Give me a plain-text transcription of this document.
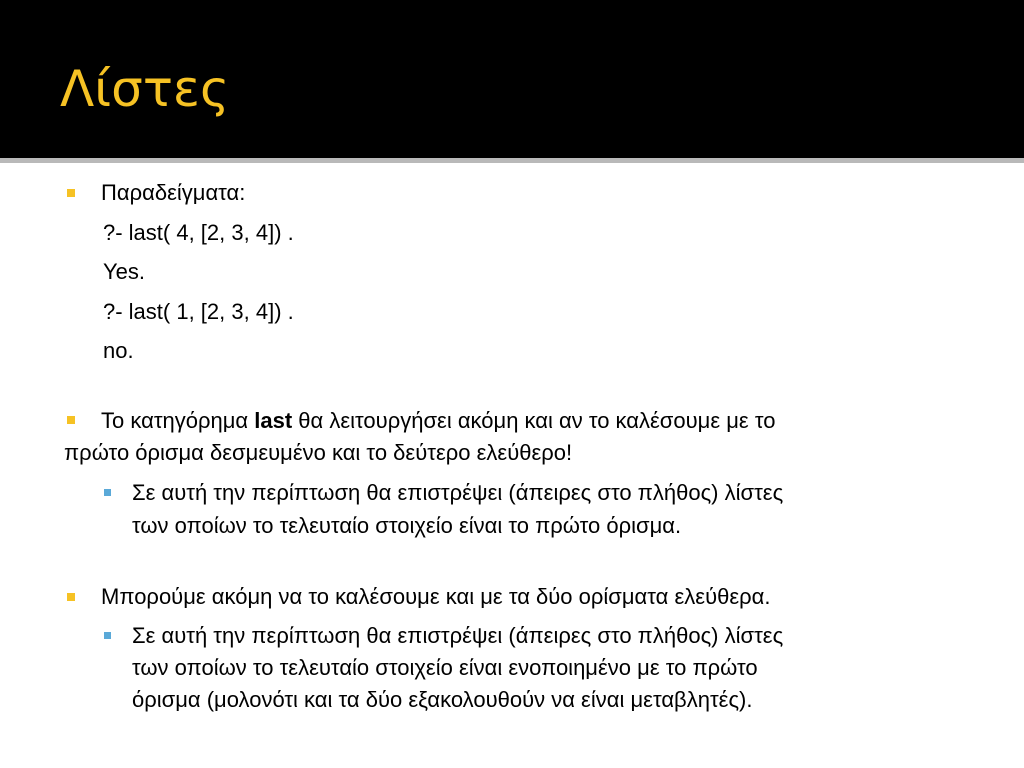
Λίστες
Παραδείγματα:
?- last( 4, [2, 3, 4]) .
Yes.
?- last( 1, [2, 3, 4]) .
no.
Το κατηγόρημα last θα λειτουργήσει ακόμη και αν το καλέσουμε με το
πρώτο όρισμα δεσμευμένο και το δεύτερο ελεύθερο!
Σε αυτή την περίπτωση θα επιστρέψει (άπειρες στο πλήθος) λίστες
των οποίων το τελευταίο στοιχείο είναι το πρώτο όρισμα.
Μπορούμε ακόμη να το καλέσουμε και με τα δύο ορίσματα ελεύθερα.
Σε αυτή την περίπτωση θα επιστρέψει (άπειρες στο πλήθος) λίστες
των οποίων το τελευταίο στοιχείο είναι ενοποιημένο με το πρώτο
όρισμα (μολονότι και τα δύο εξακολουθούν να είναι μεταβλητές).
